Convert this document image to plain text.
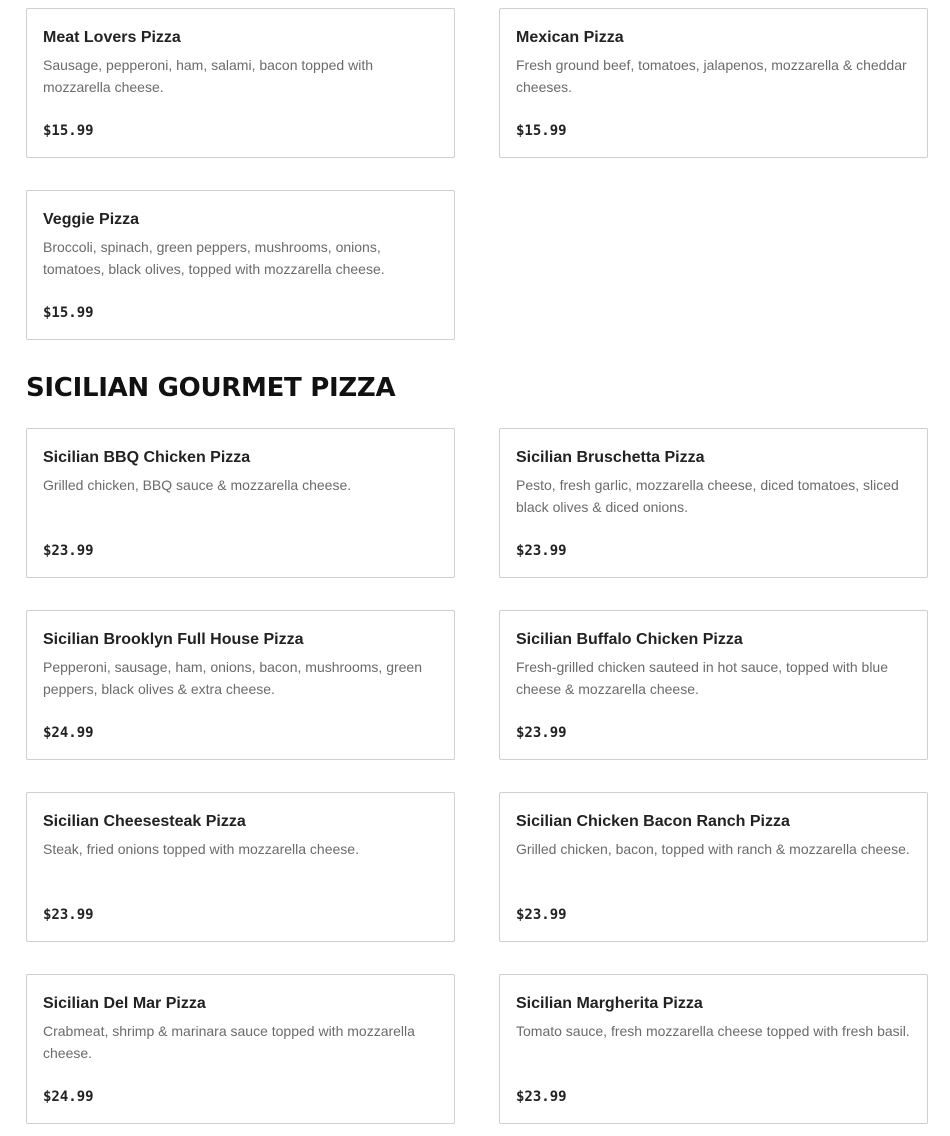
Meat Lovers Pizza
Sausage, pepperoni, ham, salami, bacon topped with mozzarella cheese.
$15.99
Mexican Pizza
Fresh ground beef, tomatoes, jalapenos, mozzarella & cheddar cheeses.
$15.99
Veggie Pizza
Broccoli, spinach, green peppers, mushrooms, onions, tomatoes, black olives, topped with mozzarella cheese.
$15.99
SICILIAN GOURMET PIZZA
Sicilian BBQ Chicken Pizza
Grilled chicken, BBQ sauce & mozzarella cheese.
$23.99
Sicilian Bruschetta Pizza
Pesto, fresh garlic, mozzarella cheese, diced tomatoes, sliced black olives & diced onions.
$23.99
Sicilian Brooklyn Full House Pizza
Pepperoni, sausage, ham, onions, bacon, mushrooms, green peppers, black olives & extra cheese.
$24.99
Sicilian Buffalo Chicken Pizza
Fresh-grilled chicken sauteed in hot sauce, topped with blue cheese & mozzarella cheese.
$23.99
Sicilian Cheesesteak Pizza
Steak, fried onions topped with mozzarella cheese.
$23.99
Sicilian Chicken Bacon Ranch Pizza
Grilled chicken, bacon, topped with ranch & mozzarella cheese.
$23.99
Sicilian Del Mar Pizza
Crabmeat, shrimp & marinara sauce topped with mozzarella cheese.
$24.99
Sicilian Margherita Pizza
Tomato sauce, fresh mozzarella cheese topped with fresh basil.
$23.99
